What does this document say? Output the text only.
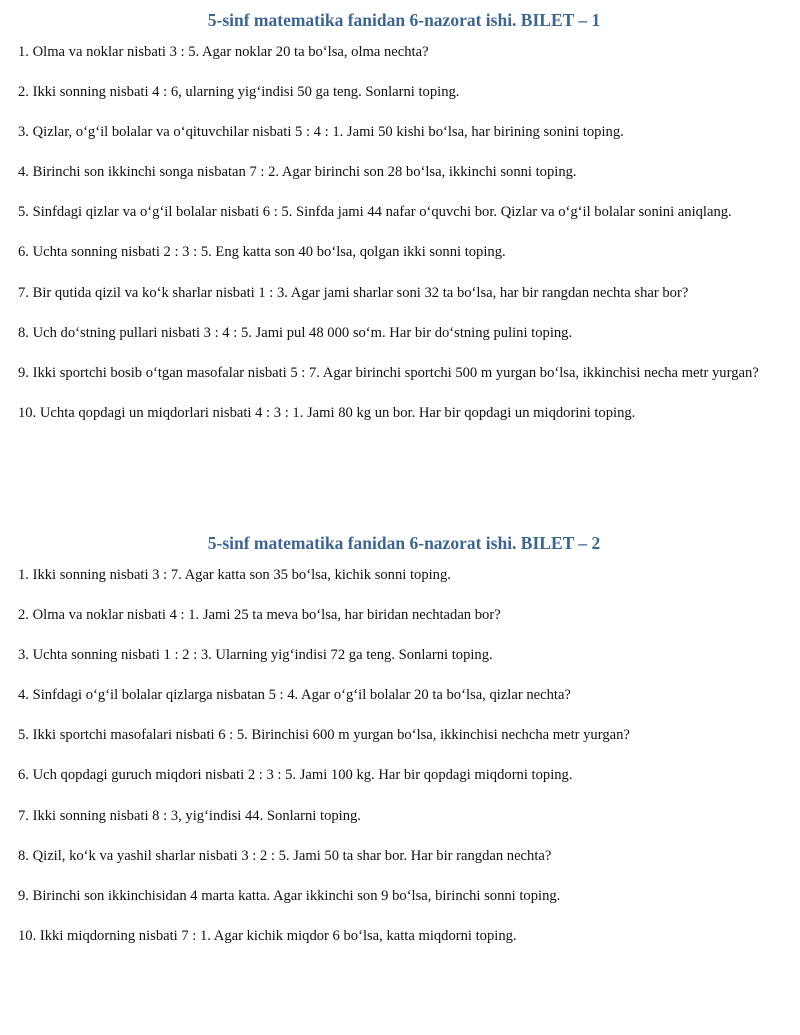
5-sinf matematika fanidan 6-nazorat ishi. BILET – 1
1. Olma va noklar nisbati 3 : 5. Agar noklar 20 ta bo‘lsa, olma nechta?
2. Ikki sonning nisbati 4 : 6, ularning yig‘indisi 50 ga teng. Sonlarni toping.
3. Qizlar, o‘g‘il bolalar va o‘qituvchilar nisbati 5 : 4 : 1. Jami 50 kishi bo‘lsa, har birining sonini toping.
4. Birinchi son ikkinchi songa nisbatan 7 : 2. Agar birinchi son 28 bo‘lsa, ikkinchi sonni toping.
5. Sinfdagi qizlar va o‘g‘il bolalar nisbati 6 : 5. Sinfda jami 44 nafar o‘quvchi bor. Qizlar va o‘g‘il bolalar sonini aniqlang.
6. Uchta sonning nisbati 2 : 3 : 5. Eng katta son 40 bo‘lsa, qolgan ikki sonni toping.
7. Bir qutida qizil va ko‘k sharlar nisbati 1 : 3. Agar jami sharlar soni 32 ta bo‘lsa, har bir rangdan nechta shar bor?
8. Uch do‘stning pullari nisbati 3 : 4 : 5. Jami pul 48 000 so‘m. Har bir do‘stning pulini toping.
9. Ikki sportchi bosib o‘tgan masofalar nisbati 5 : 7. Agar birinchi sportchi 500 m yurgan bo‘lsa, ikkinchisi necha metr yurgan?
10. Uchta qopdagi un miqdorlari nisbati 4 : 3 : 1. Jami 80 kg un bor. Har bir qopdagi un miqdorini toping.
5-sinf matematika fanidan 6-nazorat ishi. BILET – 2
1. Ikki sonning nisbati 3 : 7. Agar katta son 35 bo‘lsa, kichik sonni toping.
2. Olma va noklar nisbati 4 : 1. Jami 25 ta meva bo‘lsa, har biridan nechtadan bor?
3. Uchta sonning nisbati 1 : 2 : 3. Ularning yig‘indisi 72 ga teng. Sonlarni toping.
4. Sinfdagi o‘g‘il bolalar qizlarga nisbatan 5 : 4. Agar o‘g‘il bolalar 20 ta bo‘lsa, qizlar nechta?
5. Ikki sportchi masofalari nisbati 6 : 5. Birinchisi 600 m yurgan bo‘lsa, ikkinchisi nechcha metr yurgan?
6. Uch qopdagi guruch miqdori nisbati 2 : 3 : 5. Jami 100 kg. Har bir qopdagi miqdorni toping.
7. Ikki sonning nisbati 8 : 3, yig‘indisi 44. Sonlarni toping.
8. Qizil, ko‘k va yashil sharlar nisbati 3 : 2 : 5. Jami 50 ta shar bor. Har bir rangdan nechta?
9. Birinchi son ikkinchisidan 4 marta katta. Agar ikkinchi son 9 bo‘lsa, birinchi sonni toping.
10. Ikki miqdorning nisbati 7 : 1. Agar kichik miqdor 6 bo‘lsa, katta miqdorni toping.
